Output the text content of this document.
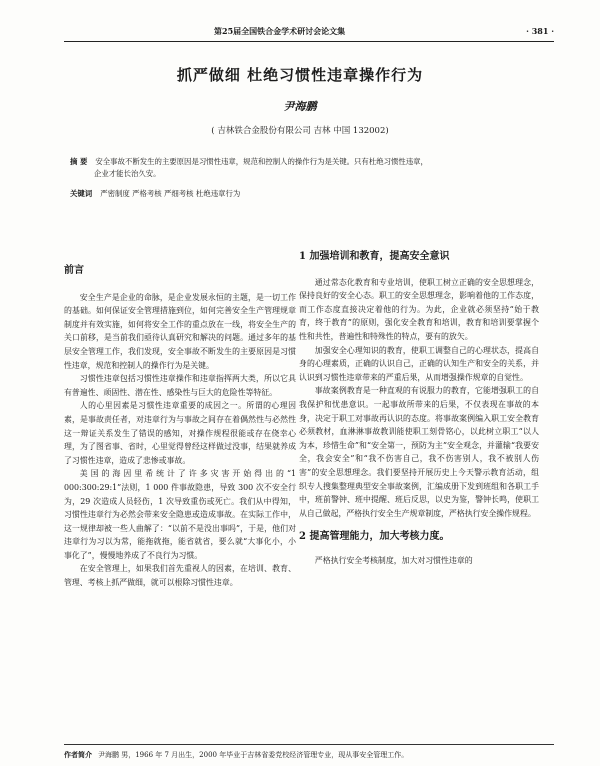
第25届全国铁合金学术研讨会论文集	· 381 ·
抓严做细 杜绝习惯性违章操作行为
尹海鹏
( 吉林铁合金股份有限公司 吉林 中国 132002)
摘 要 安全事故不断发生的主要原因是习惯性违章，规范和控制人的操作行为是关键。只有杜绝习惯性违章，
企业才能长治久安。
关键词 严密制度 严格考核 严细考核 杜绝违章行为

前言

安全生产是企业的命脉，是企业发展永恒的主题，是一切工作的基础。如何保证安全管理措施到位，如何完善安全生产管理规章制度并有效实施，如何将安全工作的重点放在一线，将安全生产的关口前移，是当前我们亟待认真研究和解决的问题。通过多年的基层安全管理工作，我们发现，安全事故不断发生的主要原因是习惯性违章，规范和控制人的操作行为是关键。

习惯性违章包括习惯性违章操作和违章指挥两大类，所以它具有普遍性、顽固性、潜在性、感染性与巨大的危险性等特征。

人的心里因素是习惯性违章重要的成因之一。所谓的心理因素，是事故责任者，对违章行为与事故之间存在着偶然性与必然性这一辩证关系发生了错误的感知，对操作规程很能或存在侥幸心理，为了图省事、省时，心里觉得曾经这样做过没事，结果就养成了习惯性违章，造成了悲惨或事故。

美国的海因里希统计了许多灾害开始得出的“1 000:300:29:1”法则，1 000 件事故隐患，导致 300 次不安全行为，29 次造成人员轻伤，1 次导致重伤或死亡。我们从中得知，习惯性违章行为必然会带来安全隐患或造成事故。在实际工作中，这一规律却被一些人曲解了：“以前不是没出事吗”，于是，他们对违章行为习以为常，能拖就拖，能省就省，要么就“大事化小，小事化了”，慢慢地养成了不良行为习惯。

在安全管理上，如果我们首先重视人的因素，在培训、教育、管理、考核上抓严做细，就可以根除习惯性违章。

1 加强培训和教育，提高安全意识

通过常态化教育和专业培训，使职工树立正确的安全思想理念，保持良好的安全心态。职工的安全思想理念，影响着他的工作态度，而工作态度直接决定着他的行为。为此，企业就必须坚持“始于教育，终于教育”的原则，强化安全教育和培训，教育和培训要掌握个性和共性，普遍性和特殊性的特点，要有的放矢。

加强安全心理知识的教育，使职工调整自己的心理状态，提高自身的心理素质，正确的认识自己，正确的认知生产和安全的关系，并认识到习惯性违章带来的严重后果，从而增强操作规章的自觉性。

事故案例教育是一种直观的有说服力的教育，它能增强职工的自我保护和忧患意识。一起事故所带来的后果，不仅表现在事故的本身，决定于职工对事故再认识的态度。将事故案例编入职工安全教育必须教材，血淋淋事故教训能使职工刻骨铭心，以此树立职工“以人为本，珍惜生命”和“安全第一，预防为主”安全观念，并灌输“我要安全，我会安全”和“我不伤害自己，我不伤害别人，我不被别人伤害”的安全思想理念。我们要坚持开展历史上今天警示教育活动，组织专人搜集整理典型安全事故案例，汇编成册下发到班组和各职工手中，班前警钟、班中提醒、班后反思，以史为鉴，警钟长鸣，使职工从自己做起，严格执行安全生产规章制度，严格执行安全操作规程。

2 提高管理能力，加大考核力度。

严格执行安全考核制度，加大对习惯性违章的

作者简介 尹海鹏 男，1966 年 7 月出生，2000 年毕业于吉林省委党校经济管理专业，现从事安全管理工作。
